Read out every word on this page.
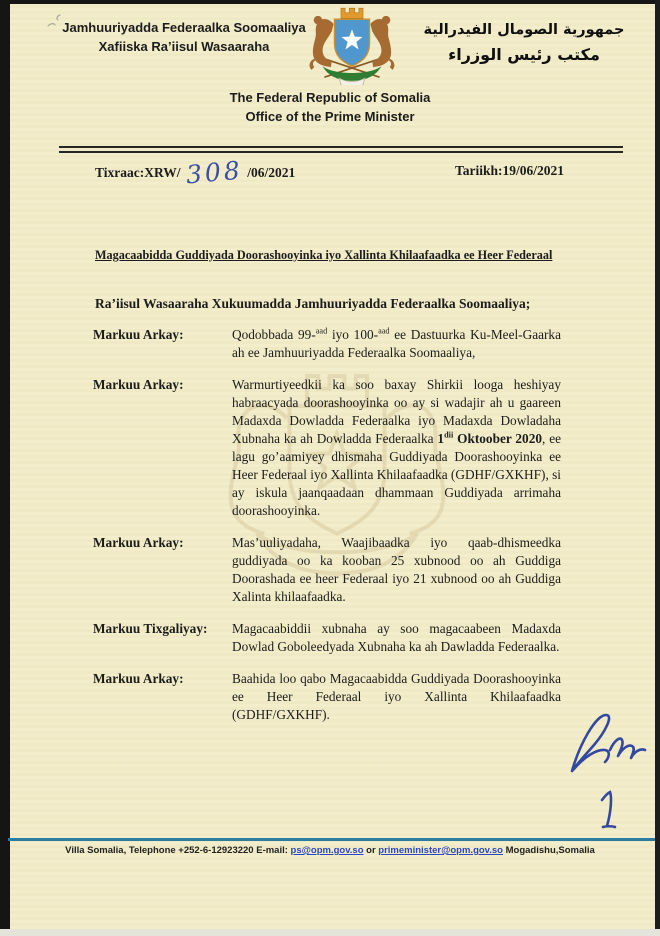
Jamhuuriyadda Federaalka Soomaaliya
Xafiiska Ra’iisul Wasaaraha
جمهورية الصومال الفيدرالية
مكتب رئيس الوزراء
The Federal Republic of Somalia
Office of the Prime Minister
Tixraac:XRW/ 308 /06/2021	Tariikh:19/06/2021
Magacaabidda Guddiyada Doorashooyinka iyo Xallinta Khilaafaadka ee Heer Federaal
Ra’iisul Wasaaraha Xukuumadda Jamhuuriyadda Federaalka Soomaaliya;
Markuu Arkay:	Qodobbada 99-$^{aad}$ iyo 100-$^{aad}$ ee Dastuurka Ku-Meel-Gaarka ah ee Jamhuuriyadda Federaalka Soomaaliya,
Markuu Arkay:	Warmurtiyeedkii ka soo baxay Shirkii looga heshiyay habraacyada doorashooyinka oo ay si wadajir ah u gaareen Madaxda Dowladda Federaalka iyo Madaxda Dowladaha Xubnaha ka ah Dowladda Federaalka $1^{dii}$ Oktoober 2020, ee lagu go’aamiyey dhismaha Guddiyada Doorashooyinka ee Heer Federaal iyo Xallinta Khilaafaadka (GDHF/GXKHF), si ay iskula jaanqaadaan dhammaan Guddiyada arrimaha doorashooyinka.
Markuu Arkay:	Mas’uuliyadaha, Waajibaadka iyo qaab-dhismeedka guddiyada oo ka kooban 25 xubnood oo ah Guddiga Doorashada ee heer Federaal iyo 21 xubnood oo ah Guddiga Xalinta khilaafaadka.
Markuu Tixgaliyay:	Magacaabiddii xubnaha ay soo magacaabeen Madaxda Dowlad Goboleedyada Xubnaha ka ah Dawladda Federaalka.
Markuu Arkay:	Baahida loo qabo Magacaabidda Guddiyada Doorashooyinka ee Heer Federaal iyo Xallinta Khilaafaadka (GDHF/GXKHF).
Villa Somalia, Telephone +252-6-12923220 E-mail: ps@opm.gov.so or primeminister@opm.gov.so Mogadishu,Somalia
